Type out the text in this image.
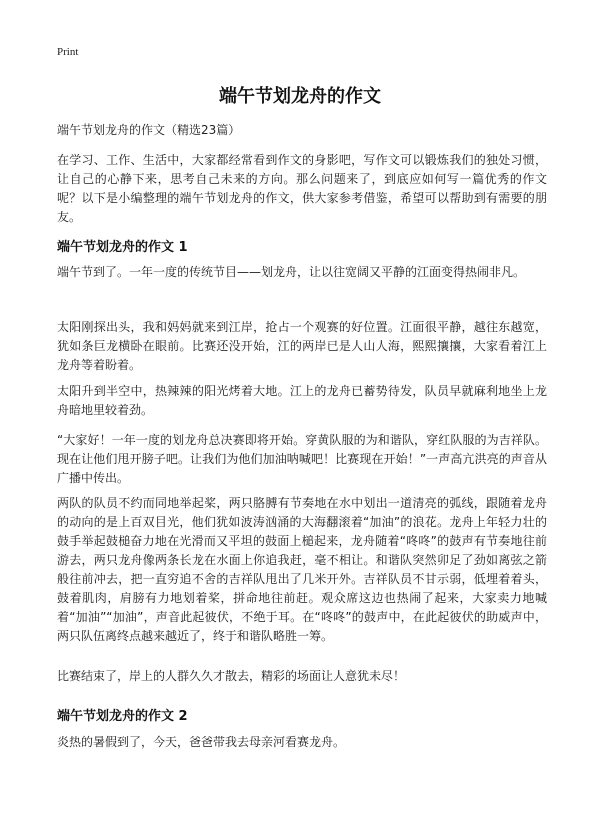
Print
端午节划龙舟的作文
端午节划龙舟的作文（精选23篇）
在学习、工作、生活中，大家都经常看到作文的身影吧，写作文可以锻炼我们的独处习惯，让自己的心静下来，思考自己未来的方向。那么问题来了，到底应如何写一篇优秀的作文呢？以下是小编整理的端午节划龙舟的作文，供大家参考借鉴，希望可以帮助到有需要的朋友。
端午节划龙舟的作文 1
端午节到了。一年一度的传统节目——划龙舟，让以往宽阔又平静的江面变得热闹非凡。
太阳刚探出头，我和妈妈就来到江岸，抢占一个观赛的好位置。江面很平静，越往东越宽，犹如条巨龙横卧在眼前。比赛还没开始，江的两岸已是人山人海，熙熙攘攘，大家看着江上龙舟等着盼着。
太阳升到半空中，热辣辣的阳光烤着大地。江上的龙舟已蓄势待发，队员早就麻利地坐上龙舟暗地里较着劲。
“大家好！一年一度的划龙舟总决赛即将开始。穿黄队服的为和谐队，穿红队服的为吉祥队。现在让他们甩开膀子吧。让我们为他们加油呐喊吧！比赛现在开始！”一声高亢洪亮的声音从广播中传出。
两队的队员不约而同地举起桨，两只胳膊有节奏地在水中划出一道清亮的弧线，跟随着龙舟的动向的是上百双目光，他们犹如波涛汹涌的大海翻滚着“加油”的浪花。龙舟上年轻力壮的鼓手举起鼓槌奋力地在光滑而又平坦的鼓面上槌起来，龙舟随着“咚咚”的鼓声有节奏地往前游去，两只龙舟像两条长龙在水面上你追我赶，毫不相让。和谐队突然卯足了劲如离弦之箭般往前冲去，把一直穷追不舍的吉祥队甩出了几米开外。吉祥队员不甘示弱，低埋着着头，鼓着肌肉，肩膀有力地划着桨，拼命地往前赶。观众席这边也热闹了起来，大家卖力地喊着“加油”“加油”，声音此起彼伏，不绝于耳。在“咚咚”的鼓声中，在此起彼伏的助威声中，两只队伍离终点越来越近了，终于和谐队略胜一筹。
比赛结束了，岸上的人群久久才散去，精彩的场面让人意犹未尽！
端午节划龙舟的作文 2
炎热的暑假到了，今天，爸爸带我去母亲河看赛龙舟。
